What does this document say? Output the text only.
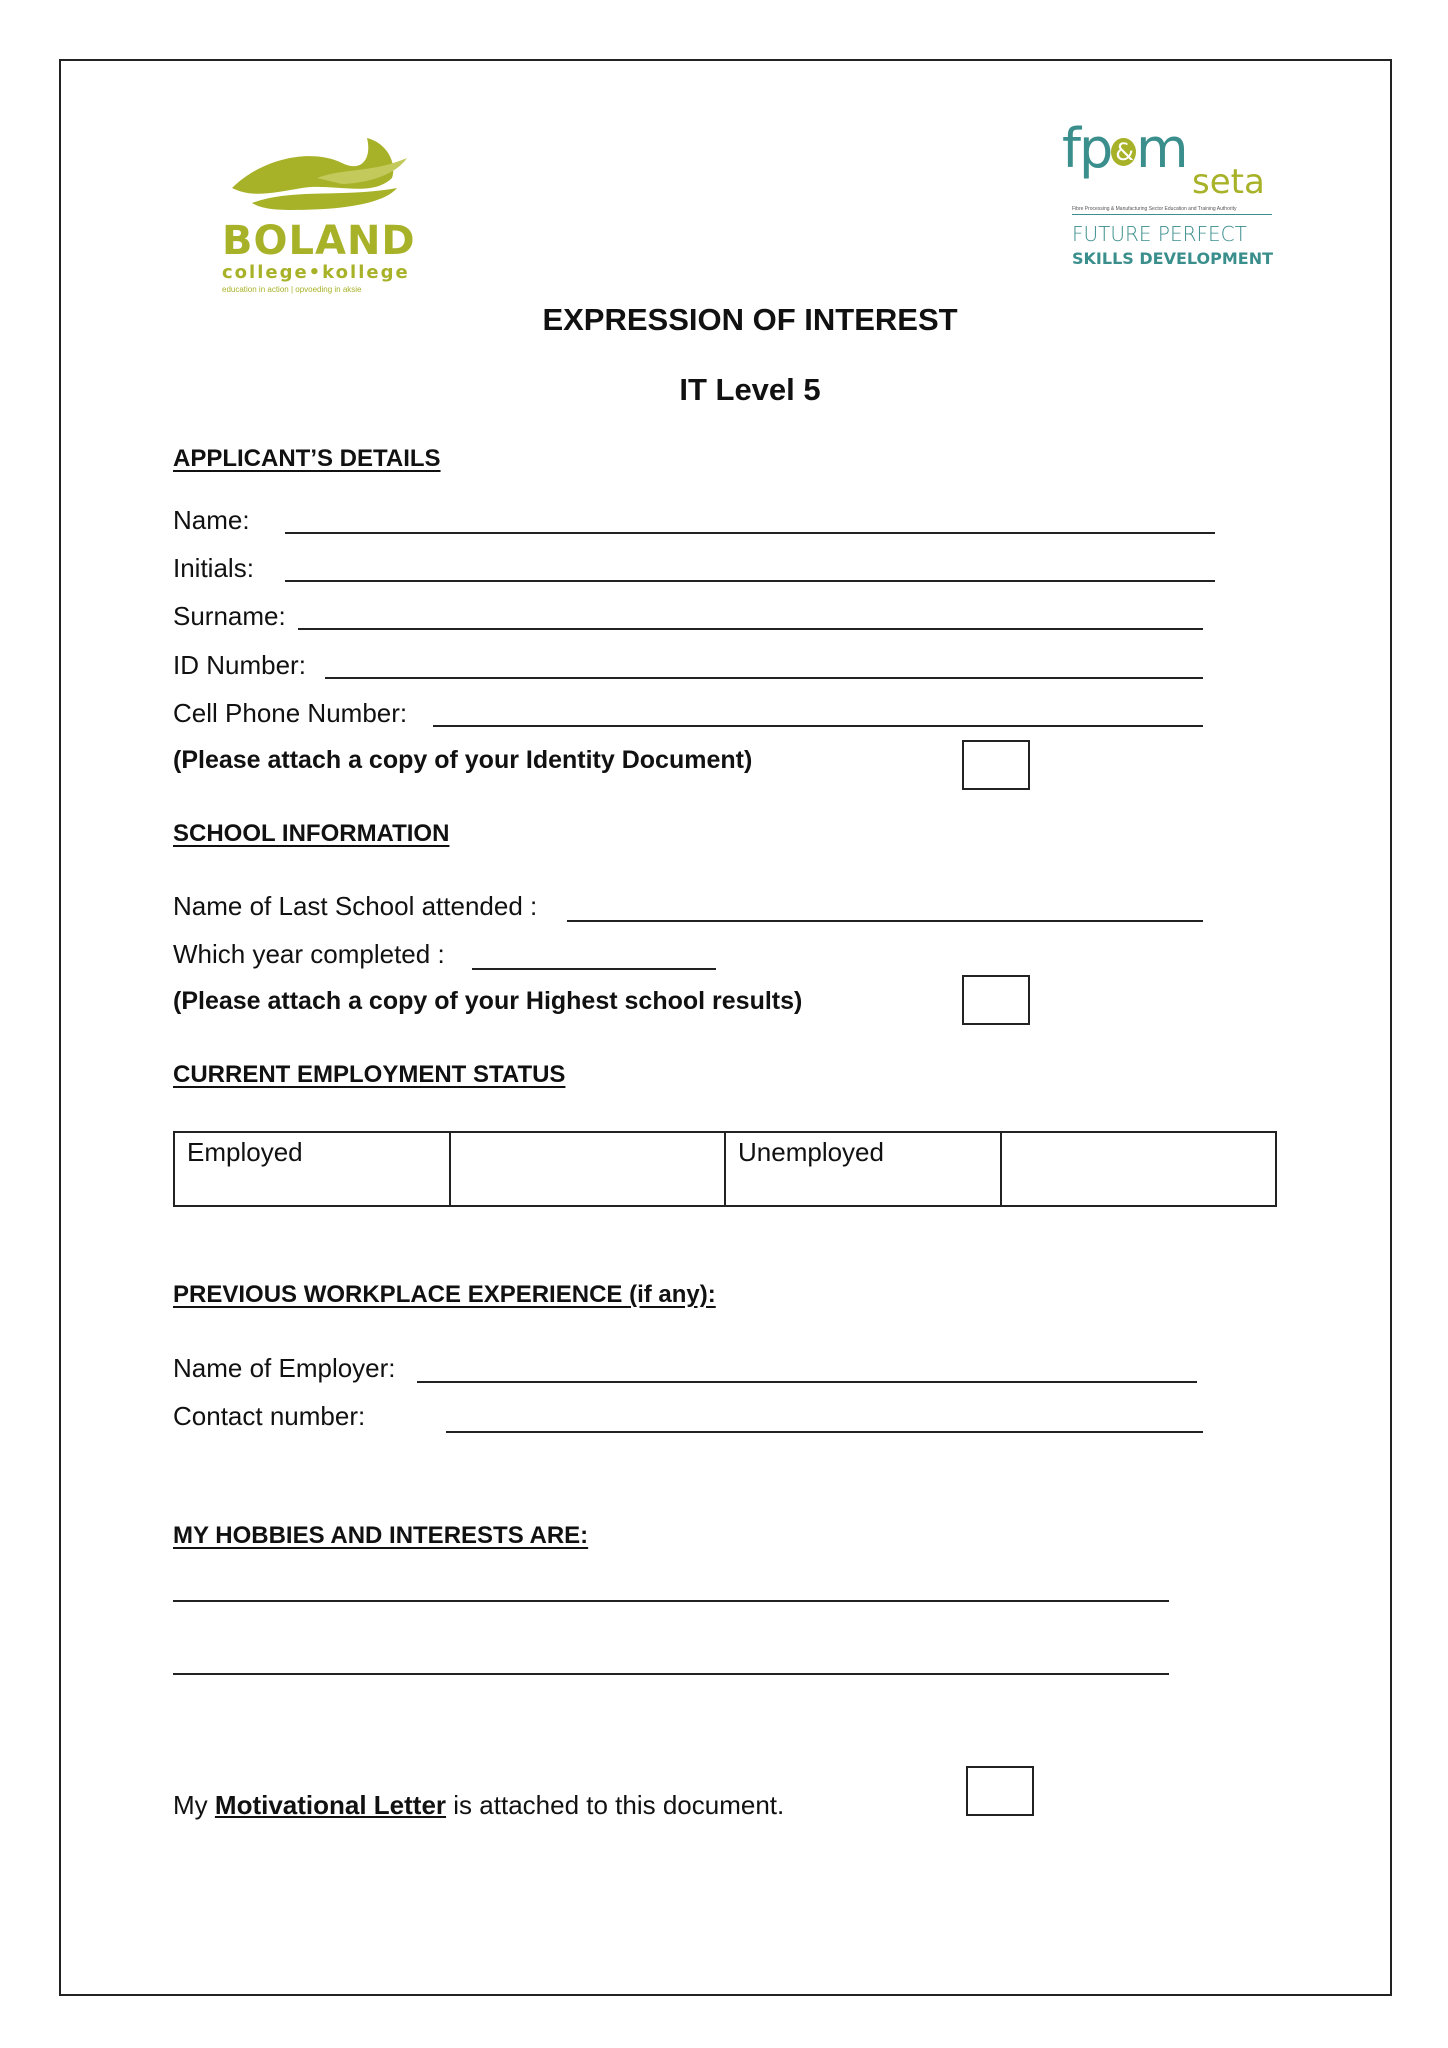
BOLAND
college•kollege
education in action | opvoeding in aksie
fp &m
seta
Fibre Processing & Manufacturing Sector Education and Training Authority
FUTURE PERFECT
SKILLS DEVELOPMENT
EXPRESSION OF INTEREST
IT Level 5
APPLICANT’S DETAILS
Name:
Initials:
Surname:
ID Number:
Cell Phone Number:
(Please attach a copy of your Identity Document)
SCHOOL INFORMATION
Name of Last School attended :
Which year completed :
(Please attach a copy of your Highest school results)
CURRENT EMPLOYMENT STATUS
Employed		Unemployed	
PREVIOUS WORKPLACE EXPERIENCE (if any):
Name of Employer:
Contact number:
MY HOBBIES AND INTERESTS ARE:
My Motivational Letter is attached to this document.
